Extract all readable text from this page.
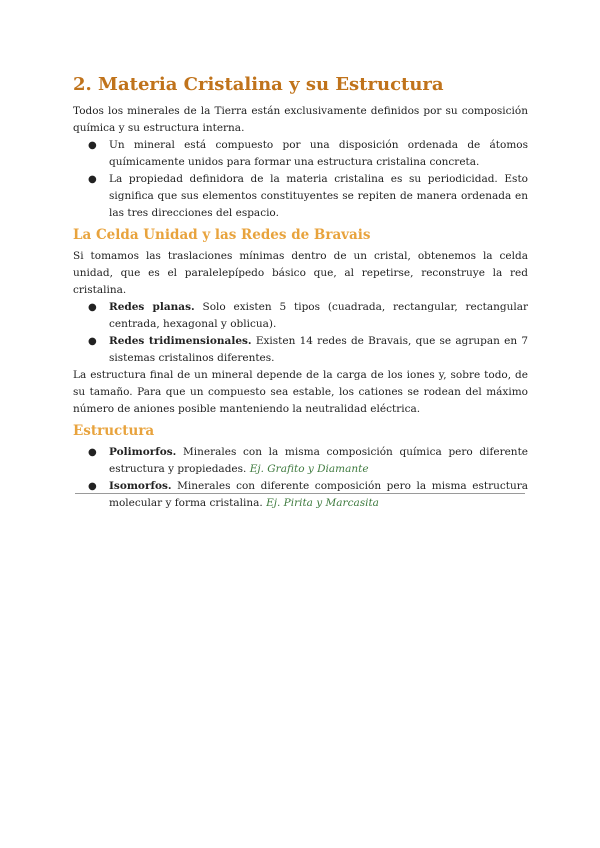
2. Materia Cristalina y su Estructura

Todos los minerales de la Tierra están exclusivamente definidos por su composición química y su estructura interna.

● Un mineral está compuesto por una disposición ordenada de átomos químicamente unidos para formar una estructura cristalina concreta.
● La propiedad definidora de la materia cristalina es su periodicidad. Esto significa que sus elementos constituyentes se repiten de manera ordenada en las tres direcciones del espacio.
La Celda Unidad y las Redes de Bravais

Si tomamos las traslaciones mínimas dentro de un cristal, obtenemos la celda unidad, que es el paralelepípedo básico que, al repetirse, reconstruye la red cristalina.

● Redes planas. Solo existen 5 tipos (cuadrada, rectangular, rectangular centrada, hexagonal y oblicua).
● Redes tridimensionales. Existen 14 redes de Bravais, que se agrupan en 7 sistemas cristalinos diferentes.

La estructura final de un mineral depende de la carga de los iones y, sobre todo, de su tamaño. Para que un compuesto sea estable, los cationes se rodean del máximo número de aniones posible manteniendo la neutralidad eléctrica.

Estructura
● Polimorfos. Minerales con la misma composición química pero diferente estructura y propiedades. Ej. Grafito y Diamante
● Isomorfos. Minerales con diferente composición pero la misma estructura molecular y forma cristalina. Ej. Pirita y Marcasita
